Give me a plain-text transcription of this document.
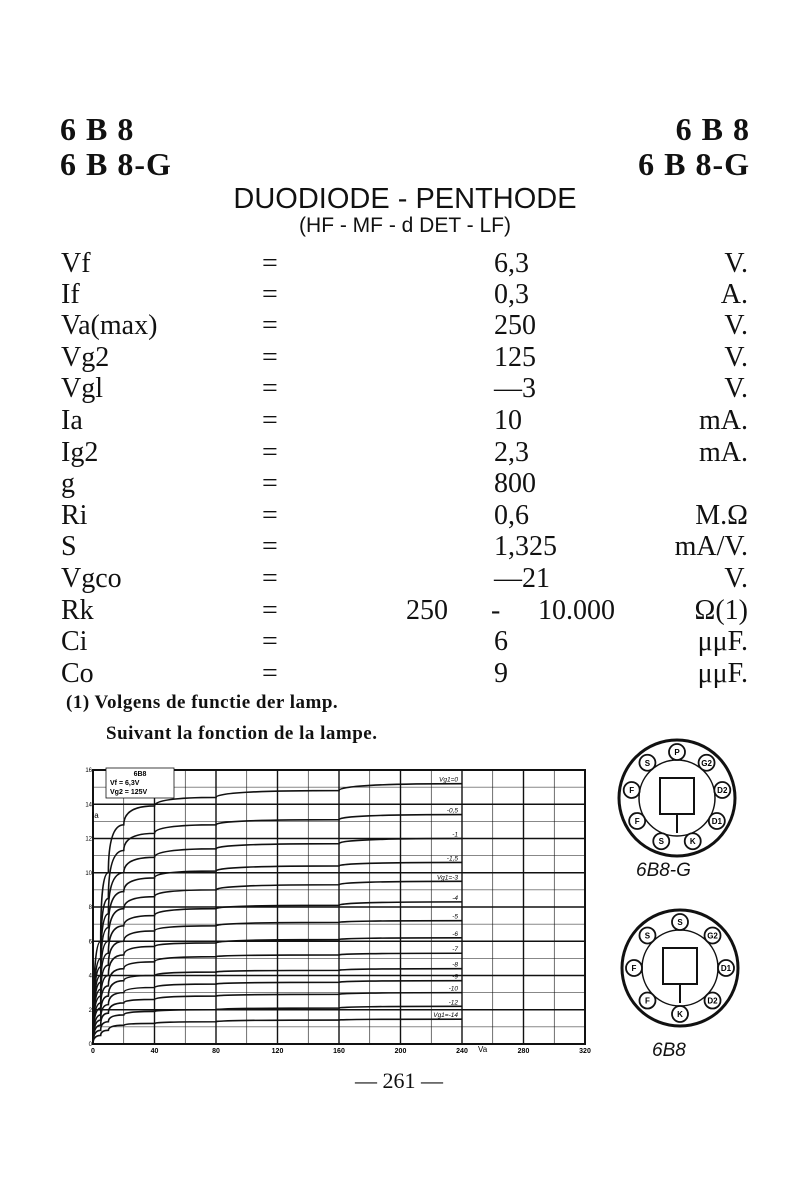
6 B 8
6 B 8-G
6 B 8
6 B 8-G
DUODIODE - PENTHODE
(HF - MF - d DET - LF)
Vf	=	6,3	V.
If	=	0,3	A.
Va(max)	=	250	V.
Vg2	=	125	V.
Vgl	=	—3	V.
Ia	=	10	mA.
Ig2	=	2,3	mA.
g	=	800
Ri	=	0,6	M.Ω
S	=	1,325	mA/V.
Vgco	=	—21	V.
Rk	=	250 - 10.000	Ω(1)
Ci	=	6	μμF.
Co	=	9	μμF.
(1) Volgens de functie der lamp.
Suivant la fonction de la lampe.
0	40	80	120	160	200	240	280	320
0
2
4
6
8
10
12
14
16
Vg1=0
-0,5
-1
-1,5
Vg1=-3
-4
-5
-6
-7
-8
-9
-10
-12
Vg1=-14
6B8
Vf = 6,3V
Vg2 = 125V
Ia
Va
P
G2
D2
D1
K
S
F
F
S
6B8-G
S
G2
D1
D2
K
F
F
S
6B8
— 261 —
